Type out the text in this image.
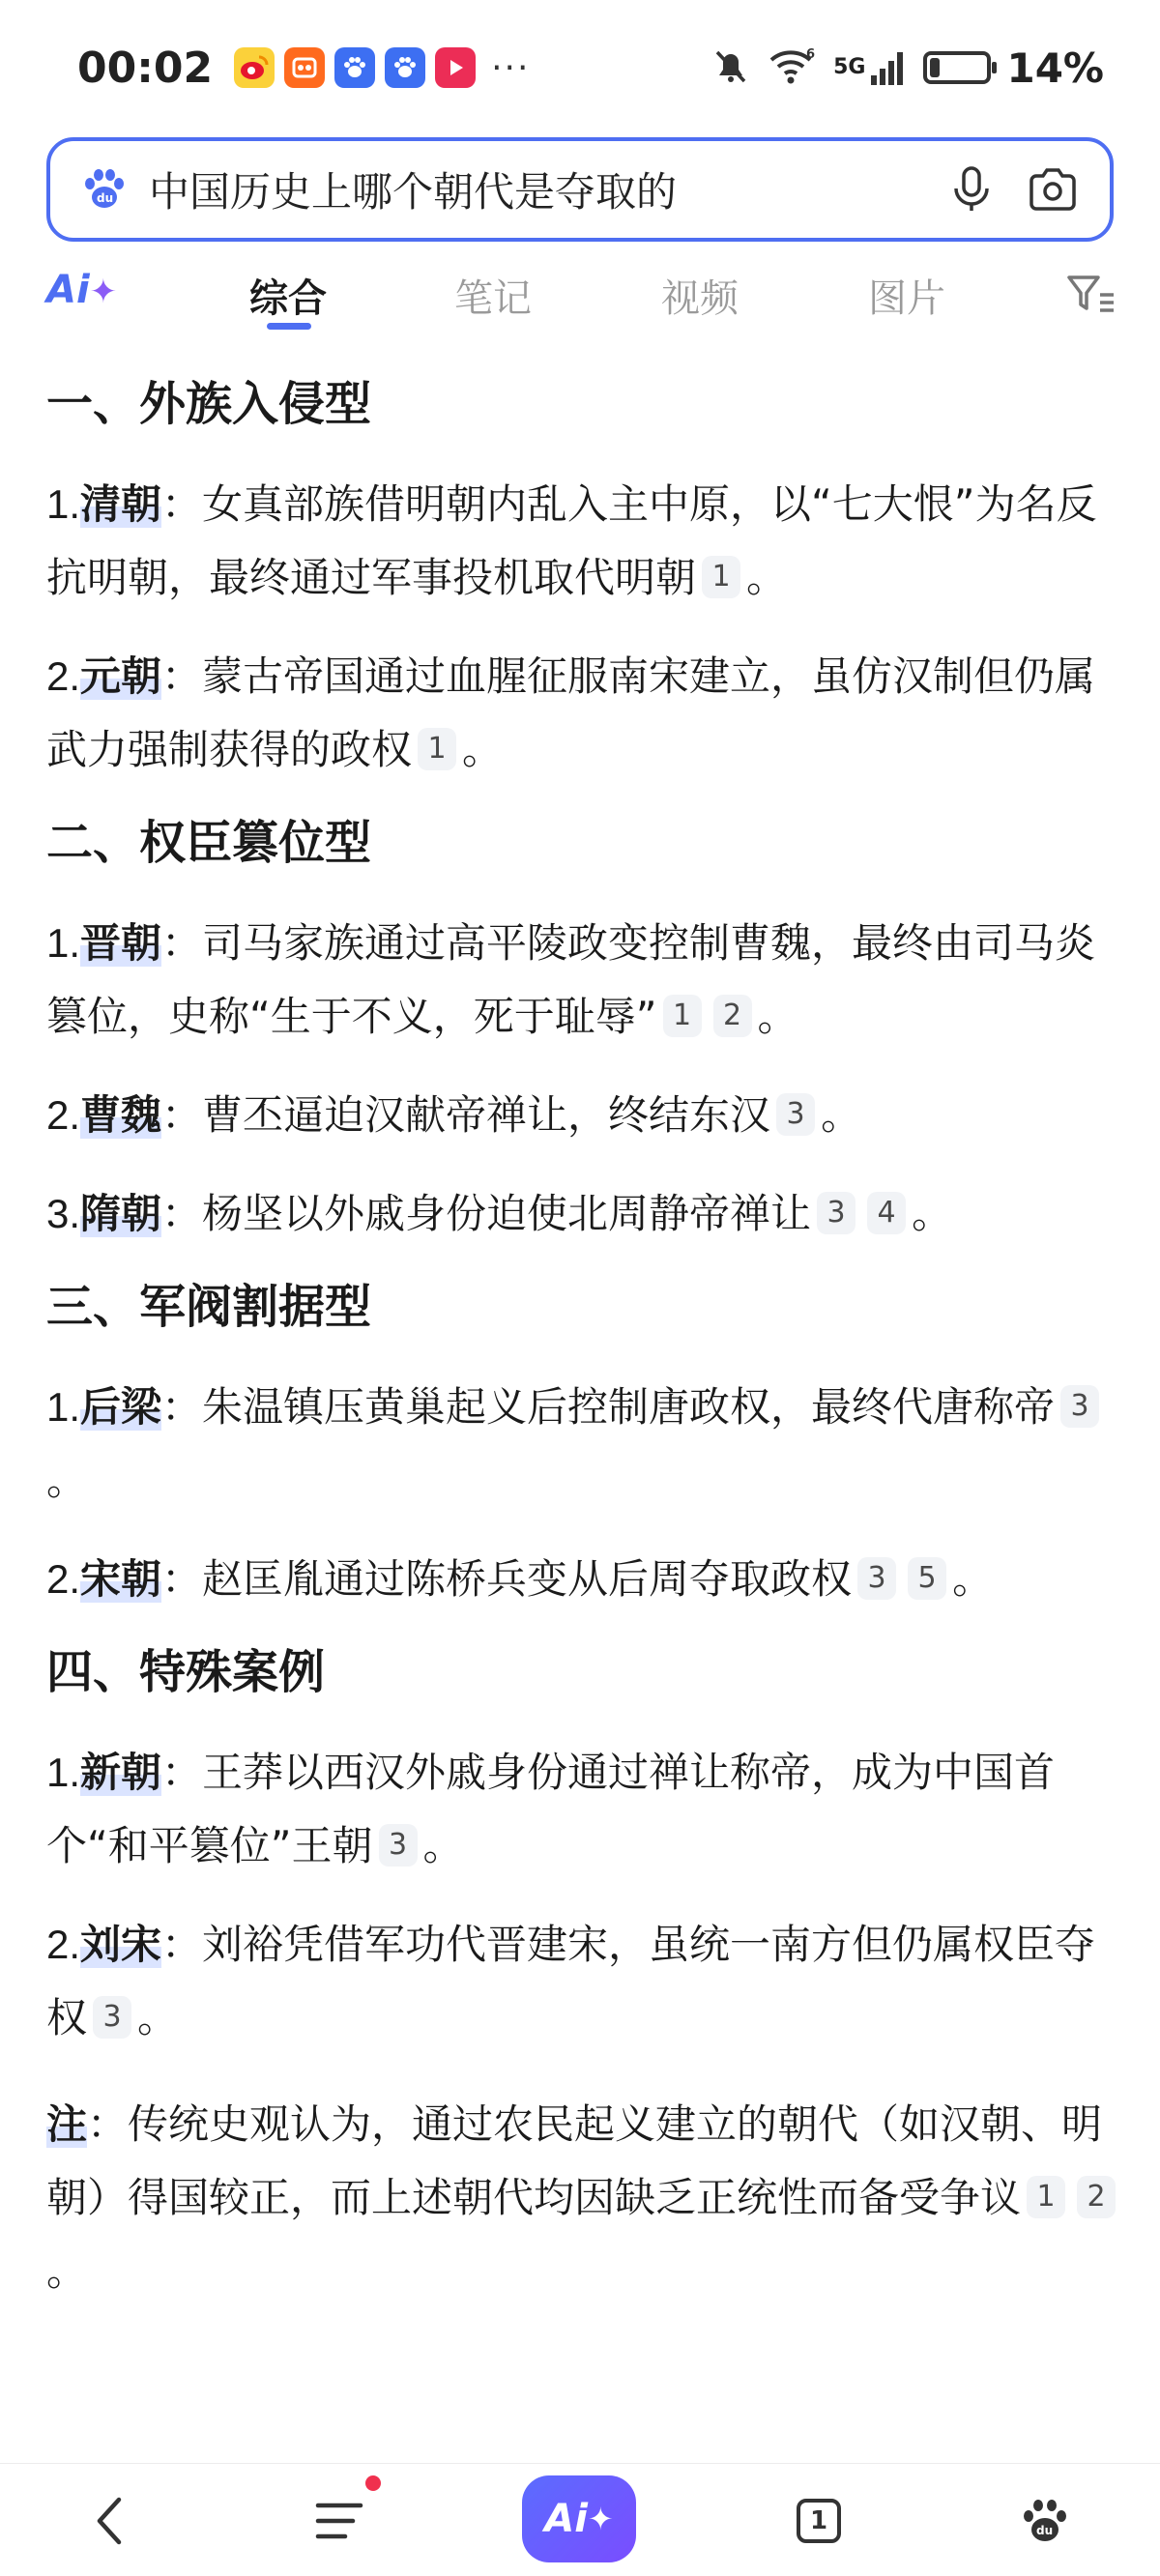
00:02	···	6
5G	14%
du 中国历史上哪个朝代是夺取的
Ai✦	综合	笔记	视频	图片
一、外族入侵型
1.清朝：女真部族借明朝内乱入主中原，以“七大恨”为名反抗明朝，最终通过军事投机取代明朝 1 。
2.元朝：蒙古帝国通过血腥征服南宋建立，虽仿汉制但仍属武力强制获得的政权 1 。
二、权臣篡位型
1.晋朝：司马家族通过高平陵政变控制曹魏，最终由司马炎篡位，史称“生于不义，死于耻辱” 1 2 。
2.曹魏：曹丕逼迫汉献帝禅让，终结东汉 3 。
3.隋朝：杨坚以外戚身份迫使北周静帝禅让 3 4 。
三、军阀割据型
1.后梁：朱温镇压黄巢起义后控制唐政权，最终代唐称帝 3。
2.宋朝：赵匡胤通过陈桥兵变从后周夺取政权 3 5 。
四、特殊案例
1.新朝：王莽以西汉外戚身份通过禅让称帝，成为中国首个“和平篡位”王朝 3 。
2.刘宋：刘裕凭借军功代晋建宋，虽统一南方但仍属权臣夺权 3 。
注：传统史观认为，通过农民起义建立的朝代（如汉朝、明朝）得国较正，而上述朝代均因缺乏正统性而备受争议 1 2。
Ai ✦	1	du
